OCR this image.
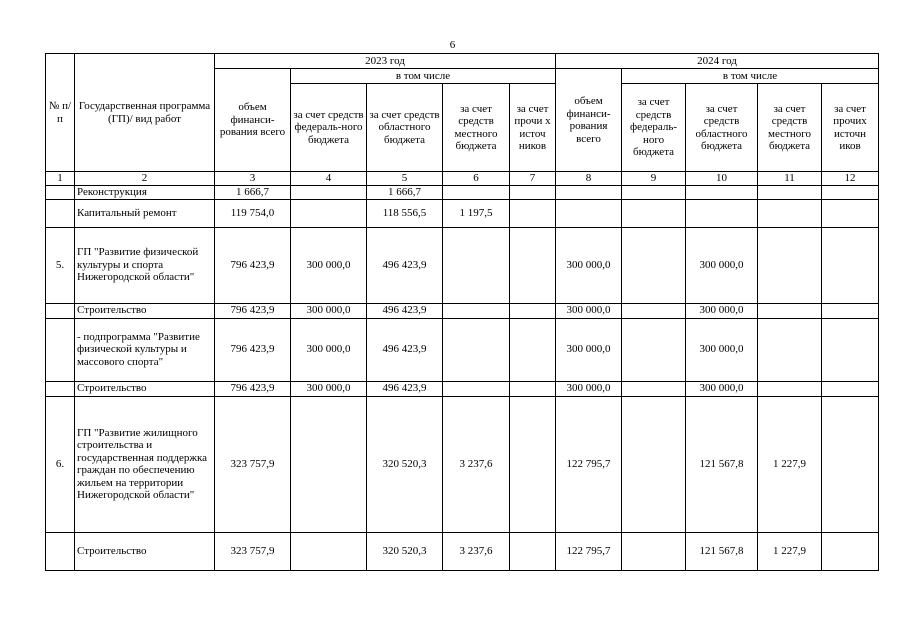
6
№ п/п	Государственная программа (ГП)/ вид работ	2023 год					2024 год				
		объем финанси-рования всего	в том числе				объем финанси-рования всего	в том числе			
			за счет средств федераль-ного бюджета	за счет средств областного бюджета	за счет средств местного бюджета	за счет прочи х источ ников		за счет средств федераль-ного бюджета	за счет средств областного бюджета	за счет средств местного бюджета	за счет прочих источн иков
1	2	3	4	5	6	7	8	9	10	11	12
	Реконструкция	1 666,7		1 666,7							
	Капитальный ремонт	119 754,0		118 556,5	1 197,5						
5.	ГП "Развитие физической культуры и спорта Нижегородской области"	796 423,9	300 000,0	496 423,9			300 000,0		300 000,0		
	Строительство	796 423,9	300 000,0	496 423,9			300 000,0		300 000,0		
	- подпрограмма "Развитие физической культуры и массового спорта"	796 423,9	300 000,0	496 423,9			300 000,0		300 000,0		
	Строительство	796 423,9	300 000,0	496 423,9			300 000,0		300 000,0		
6.	ГП "Развитие жилищного строительства и государственная поддержка граждан по обеспечению жильем на территории Нижегородской области"	323 757,9		320 520,3	3 237,6		122 795,7		121 567,8	1 227,9	
	Строительство	323 757,9		320 520,3	3 237,6		122 795,7		121 567,8	1 227,9	
